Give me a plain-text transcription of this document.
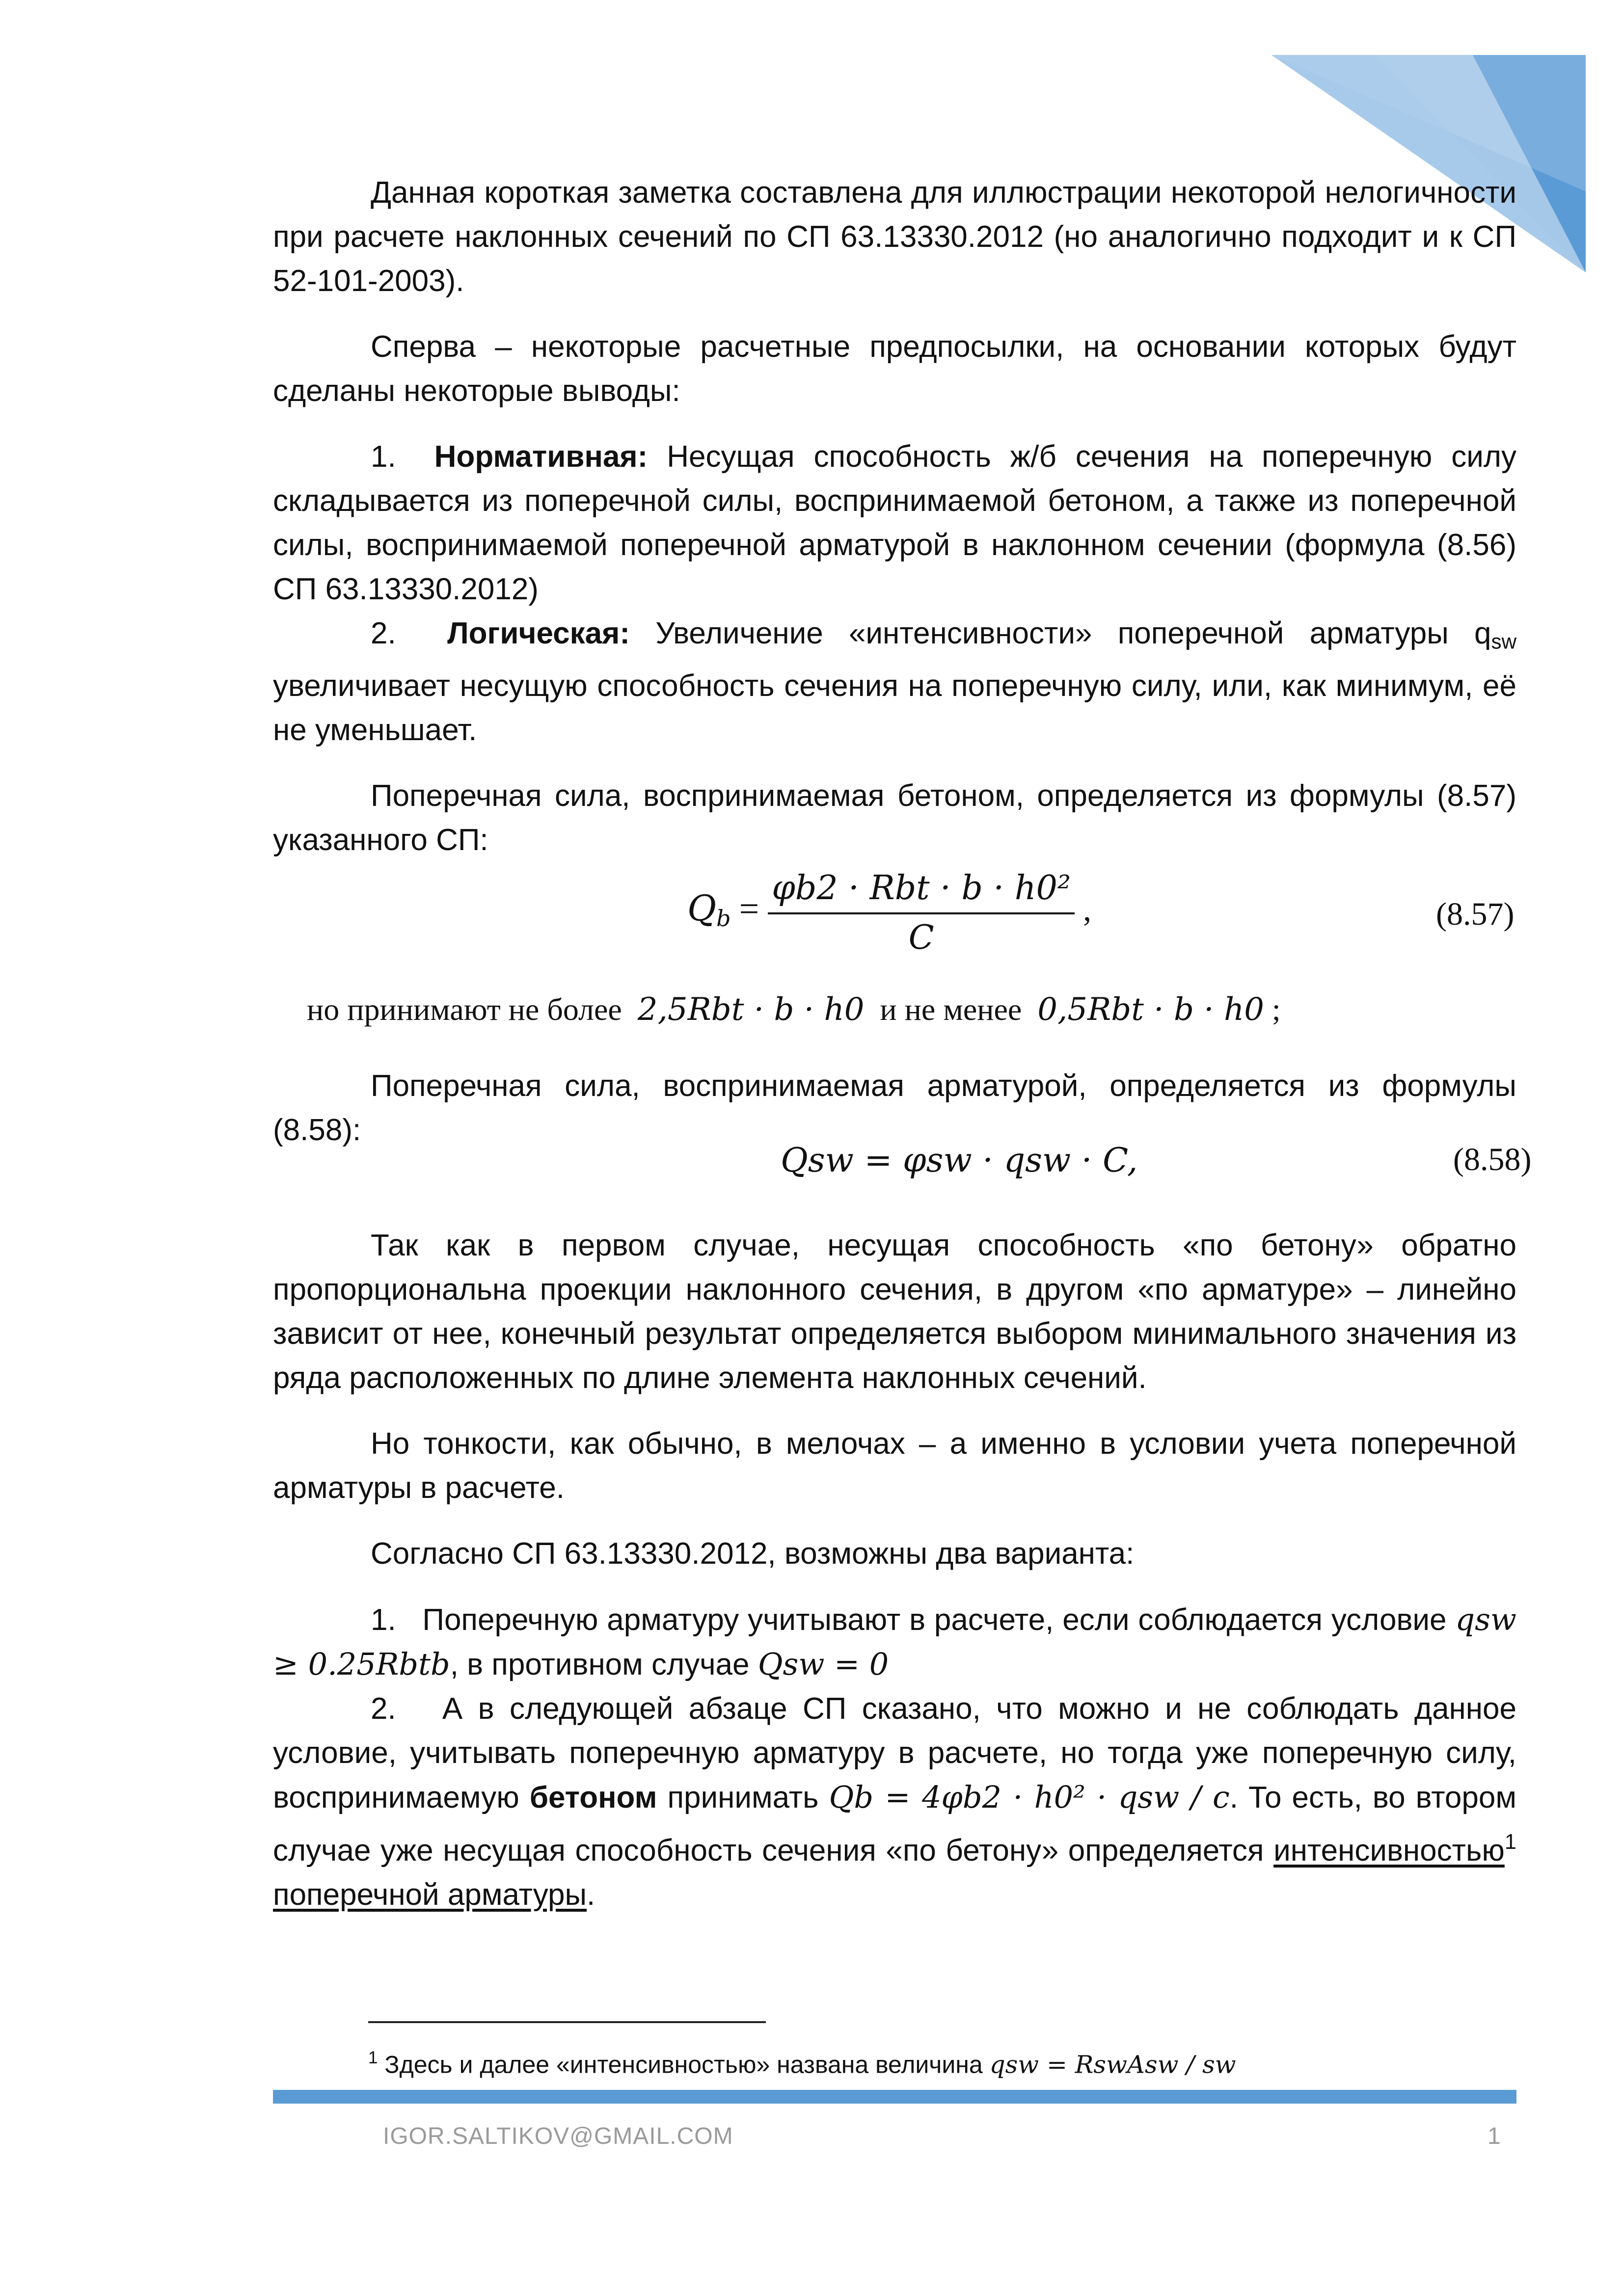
Данная короткая заметка составлена для иллюстрации некоторой нелогичности при расчете наклонных сечений по СП 63.13330.2012 (но аналогично подходит и к СП 52-101-2003).

Сперва – некоторые расчетные предпосылки, на основании которых будут сделаны некоторые выводы:

1. Нормативная: Несущая способность ж/б сечения на поперечную силу складывается из поперечной силы, воспринимаемой бетоном, а также из поперечной силы, воспринимаемой поперечной арматурой в наклонном сечении (формула (8.56) СП 63.13330.2012)

2. Логическая: Увеличение «интенсивности» поперечной арматуры $q_{sw}$ увеличивает несущую способность сечения на поперечную силу, или, как минимум, её не уменьшает.

Поперечная сила, воспринимаемая бетоном, определяется из формулы (8.57) указанного СП:

$Q_b = \frac{\text{φb2 · Rbt · b · h0²}}{C}$ ,	(8.57)
но принимают не более 2,5Rbt · b · h0 и не менее 0,5Rbt · b · h0 ;

Поперечная сила, воспринимаемая арматурой, определяется из формулы (8.58):

Qsw = φsw · qsw · C,	(8.58)

Так как в первом случае, несущая способность «по бетону» обратно пропорциональна проекции наклонного сечения, в другом «по арматуре» – линейно зависит от нее, конечный результат определяется выбором минимального значения из ряда расположенных по длине элемента наклонных сечений.

Но тонкости, как обычно, в мелочах – а именно в условии учета поперечной арматуры в расчете.

Согласно СП 63.13330.2012, возможны два варианта:

1. Поперечную арматуру учитывают в расчете, если соблюдается условие qsw ≥ 0.25Rbtb, в противном случае Qsw = 0

2. А в следующей абзаце СП сказано, что можно и не соблюдать данное условие, учитывать поперечную арматуру в расчете, но тогда уже поперечную силу, воспринимаемую бетоном принимать Qb = 4φb2 · h0² · qsw / c. То есть, во втором случае уже несущая способность сечения «по бетону» определяется интенсивностью$^1$ поперечной арматуры.

$^1$ Здесь и далее «интенсивностью» названа величина qsw = RswAsw / sw
IGOR.SALTIKOV@GMAIL.COM	1
